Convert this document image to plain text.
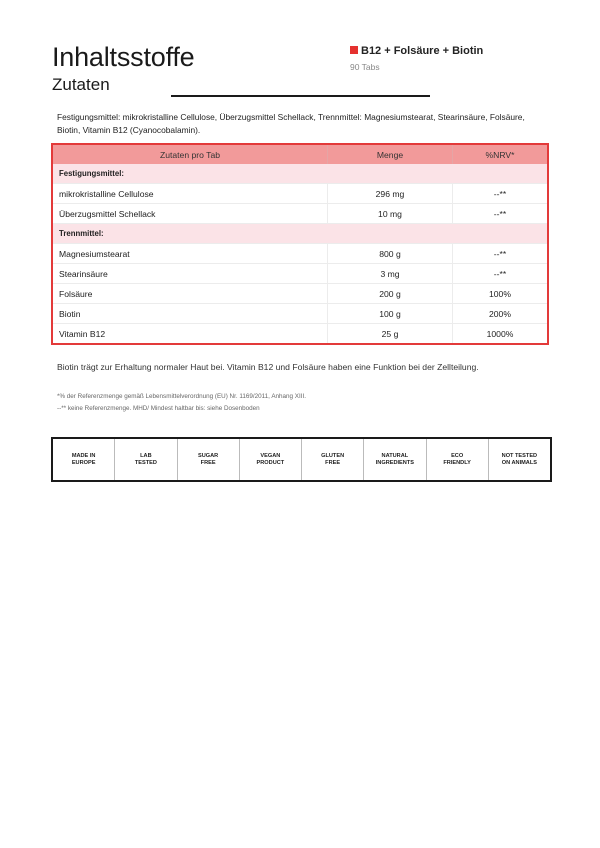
Inhaltsstoffe
Zutaten
B12 + Folsäure + Biotin
90 Tabs
Festigungsmittel: mikrokristalline Cellulose, Überzugsmittel Schellack, Trennmittel: Magnesiumstearat, Stearinsäure, Folsäure, Biotin, Vitamin B12 (Cyanocobalamin).
Zutaten pro Tab	Menge	%NRV*
Festigungsmittel:		
mikrokristalline Cellulose	296 mg	--**
Überzugsmittel Schellack	10 mg	--**
Trennmittel:		
Magnesiumstearat	800 g	--**
Stearinsäure	3 mg	--**
Folsäure	200 g	100%
Biotin	100 g	200%
Vitamin B12	25 g	1000%
Biotin trägt zur Erhaltung normaler Haut bei. Vitamin B12 und Folsäure haben eine Funktion bei der Zellteilung.
*% der Referenzmenge gemäß Lebensmittelverordnung (EU) Nr. 1169/2011, Anhang XIII.
--** keine Referenzmenge. MHD/ Mindest haltbar bis: siehe Dosenboden
MADE IN
EUROPE
LAB
TESTED
SUGAR
FREE
VEGAN
PRODUCT
GLUTEN
FREE
NATURAL
INGREDIENTS
ECO
FRIENDLY
NOT TESTED
ON ANIMALS
